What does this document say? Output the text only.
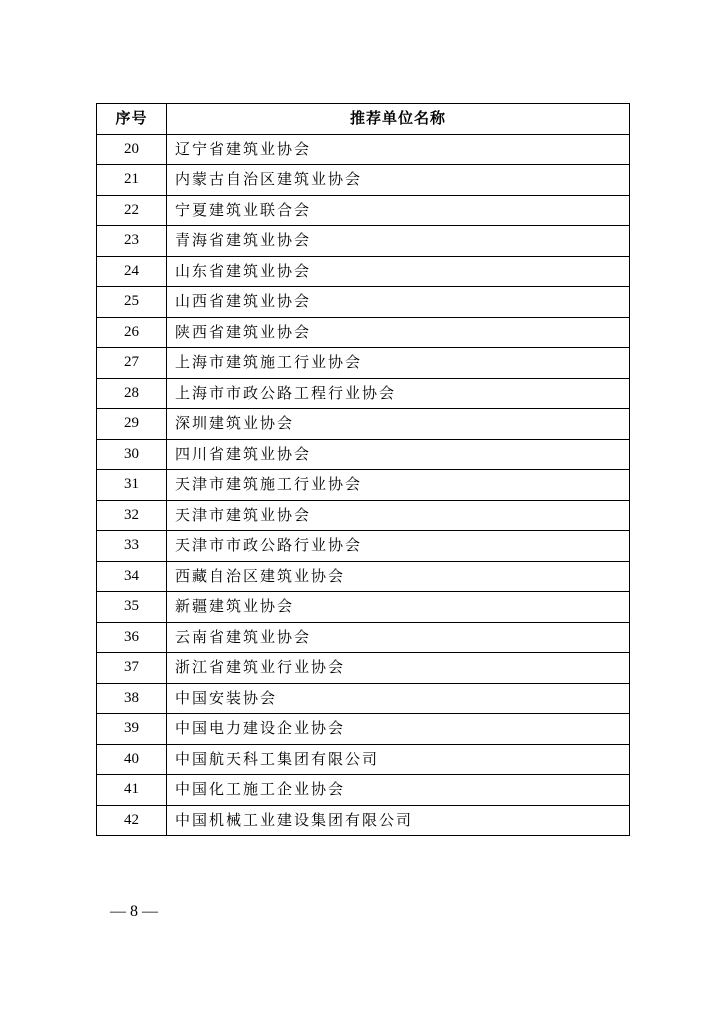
序号	推荐单位名称
20	辽宁省建筑业协会
21	内蒙古自治区建筑业协会
22	宁夏建筑业联合会
23	青海省建筑业协会
24	山东省建筑业协会
25	山西省建筑业协会
26	陕西省建筑业协会
27	上海市建筑施工行业协会
28	上海市市政公路工程行业协会
29	深圳建筑业协会
30	四川省建筑业协会
31	天津市建筑施工行业协会
32	天津市建筑业协会
33	天津市市政公路行业协会
34	西藏自治区建筑业协会
35	新疆建筑业协会
36	云南省建筑业协会
37	浙江省建筑业行业协会
38	中国安装协会
39	中国电力建设企业协会
40	中国航天科工集团有限公司
41	中国化工施工企业协会
42	中国机械工业建设集团有限公司
— 8 —
